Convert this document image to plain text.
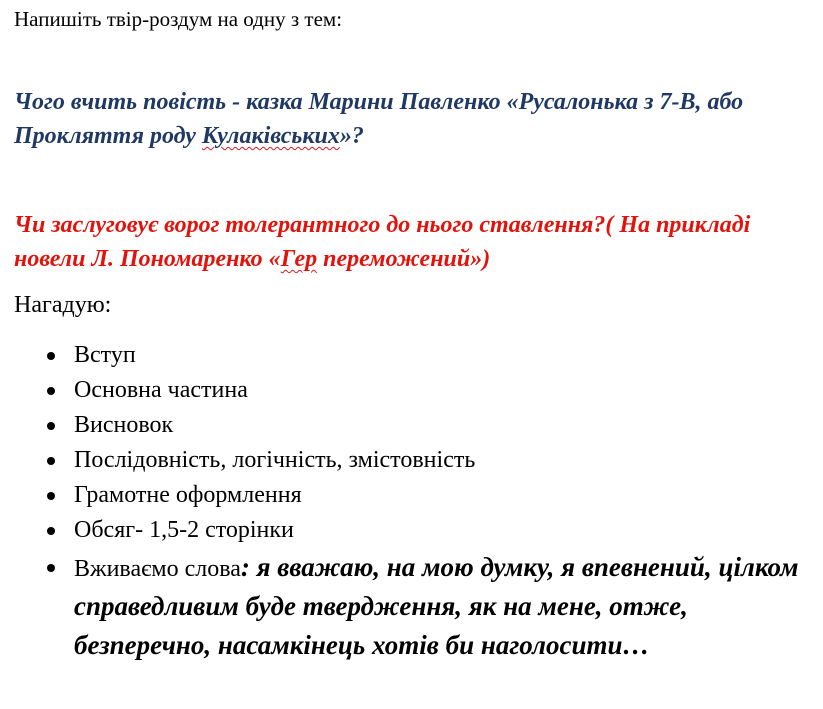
Напишіть твір-роздум на одну з тем:
Чого вчить повість - казка Марини Павленко «Русалонька з 7-В, або Прокляття роду Кулаківських»?
Чи заслуговує ворог толерантного до нього ставлення?( На прикладі новели Л. Пономаренко «Гер переможений»)
Нагадую:
Вступ
Основна частина
Висновок
Послідовність, логічність, змістовність
Грамотне оформлення
Обсяг- 1,5-2 сторінки
Вживаємо слова: я вважаю, на мою думку, я впевнений, цілком справедливим буде твердження, як на мене, отже, безперечно, насамкінець хотів би наголосити…
